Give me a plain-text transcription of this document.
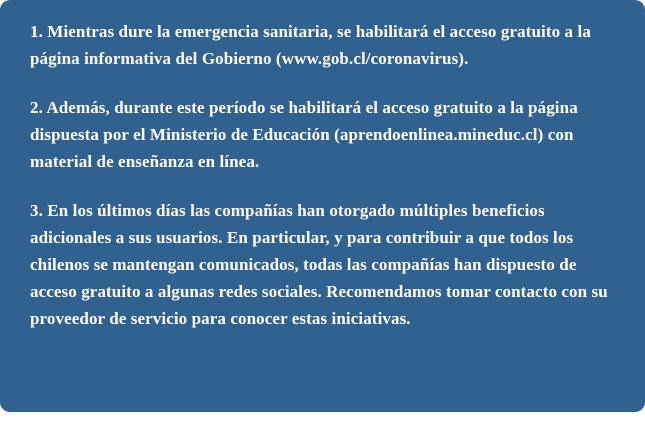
1. Mientras dure la emergencia sanitaria, se habilitará el acceso gratuito a la página informativa del Gobierno (www.gob.cl/coronavirus).

2. Además, durante este período se habilitará el acceso gratuito a la página dispuesta por el Ministerio de Educación (aprendoenlinea.mineduc.cl) con material de enseñanza en línea.

3. En los últimos días las compañías han otorgado múltiples beneficios adicionales a sus usuarios. En particular, y para contribuir a que todos los chilenos se mantengan comunicados, todas las compañías han dispuesto de acceso gratuito a algunas redes sociales. Recomendamos tomar contacto con su proveedor de servicio para conocer estas iniciativas.
